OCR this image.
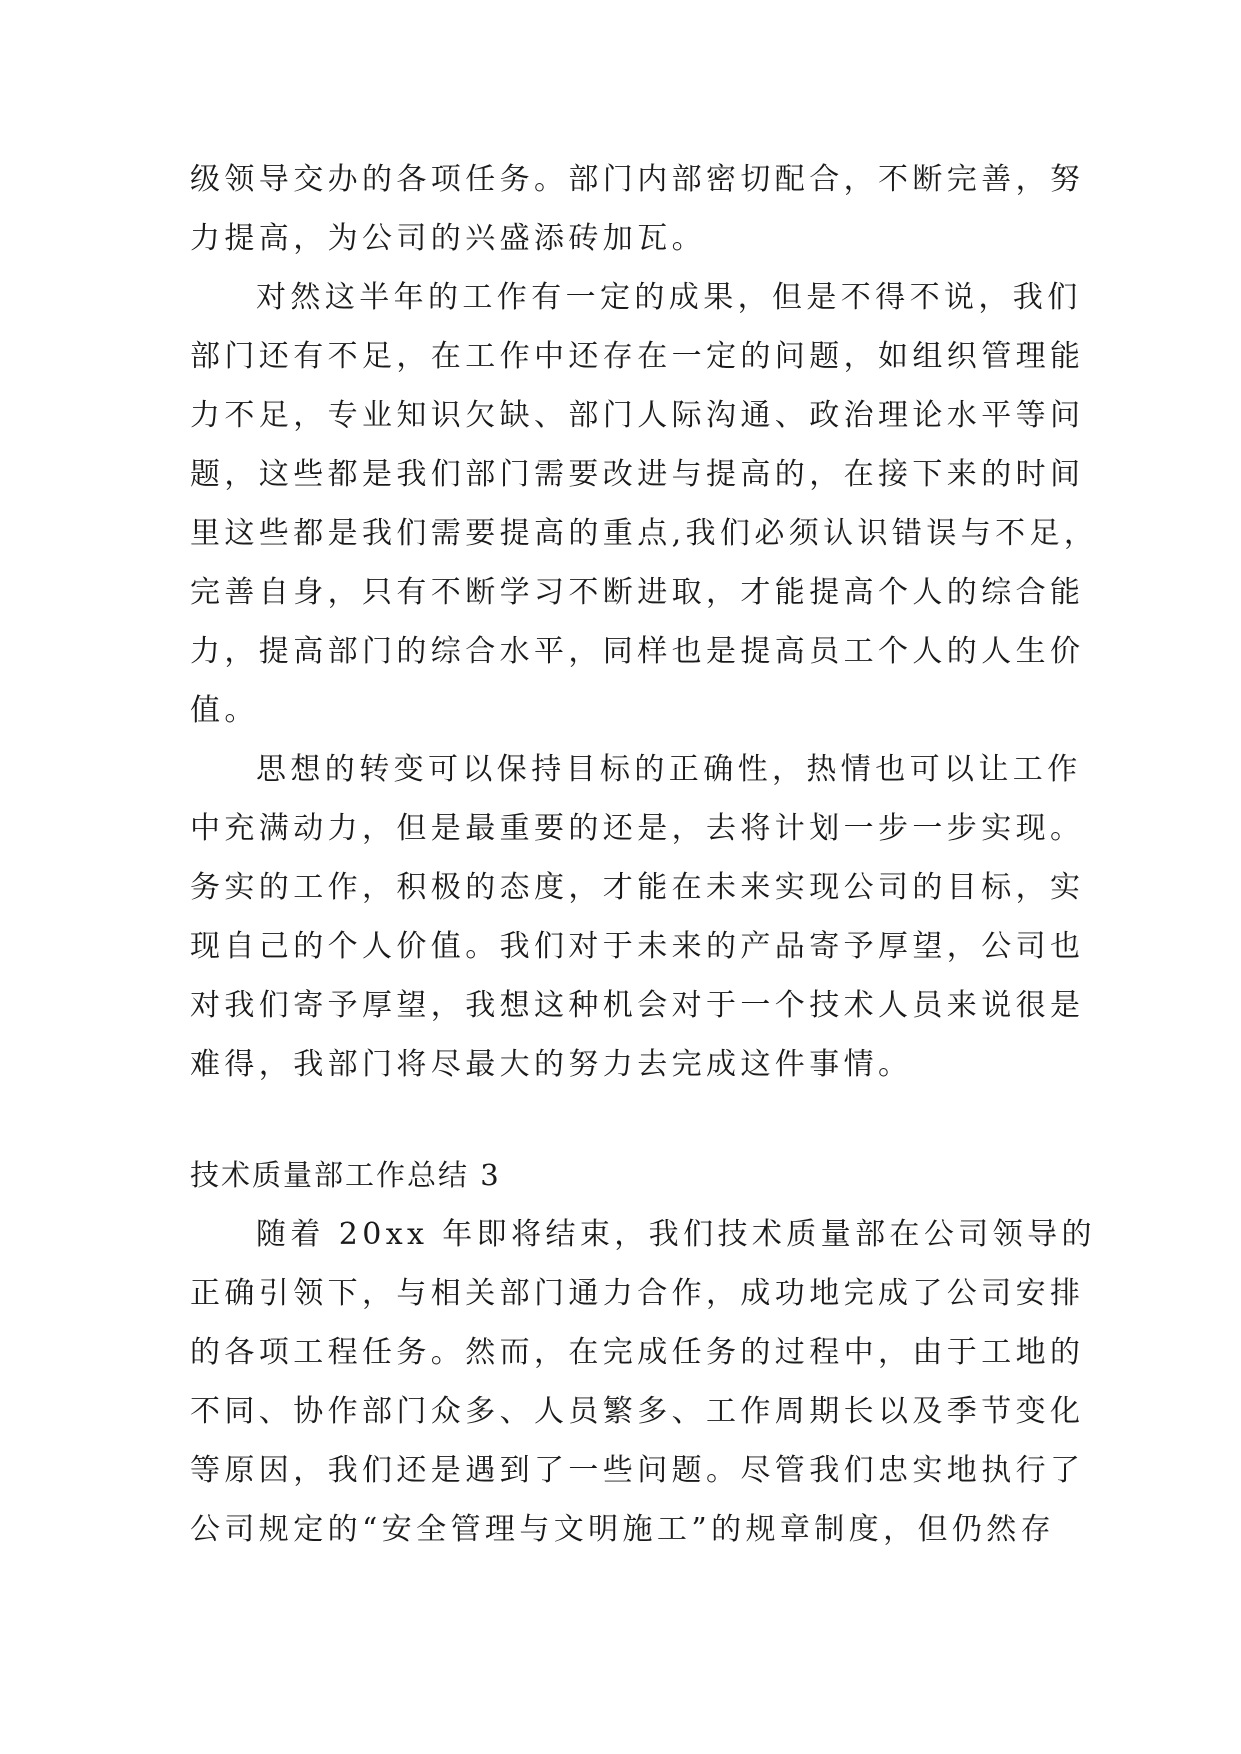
级领导交办的各项任务。部门内部密切配合，不断完善，努
力提高，为公司的兴盛添砖加瓦。
对然这半年的工作有一定的成果，但是不得不说，我们
部门还有不足，在工作中还存在一定的问题，如组织管理能
力不足，专业知识欠缺、部门人际沟通、政治理论水平等问
题，这些都是我们部门需要改进与提高的，在接下来的时间
里这些都是我们需要提高的重点,我们必须认识错误与不足，
完善自身，只有不断学习不断进取，才能提高个人的综合能
力，提高部门的综合水平，同样也是提高员工个人的人生价
值。
思想的转变可以保持目标的正确性，热情也可以让工作
中充满动力，但是最重要的还是，去将计划一步一步实现。
务实的工作，积极的态度，才能在未来实现公司的目标，实
现自己的个人价值。我们对于未来的产品寄予厚望，公司也
对我们寄予厚望，我想这种机会对于一个技术人员来说很是
难得，我部门将尽最大的努力去完成这件事情。
技术质量部工作总结 3
随着 20xx 年即将结束，我们技术质量部在公司领导的
正确引领下，与相关部门通力合作，成功地完成了公司安排
的各项工程任务。然而，在完成任务的过程中，由于工地的
不同、协作部门众多、人员繁多、工作周期长以及季节变化
等原因，我们还是遇到了一些问题。尽管我们忠实地执行了
公司规定的“安全管理与文明施工”的规章制度，但仍然存
